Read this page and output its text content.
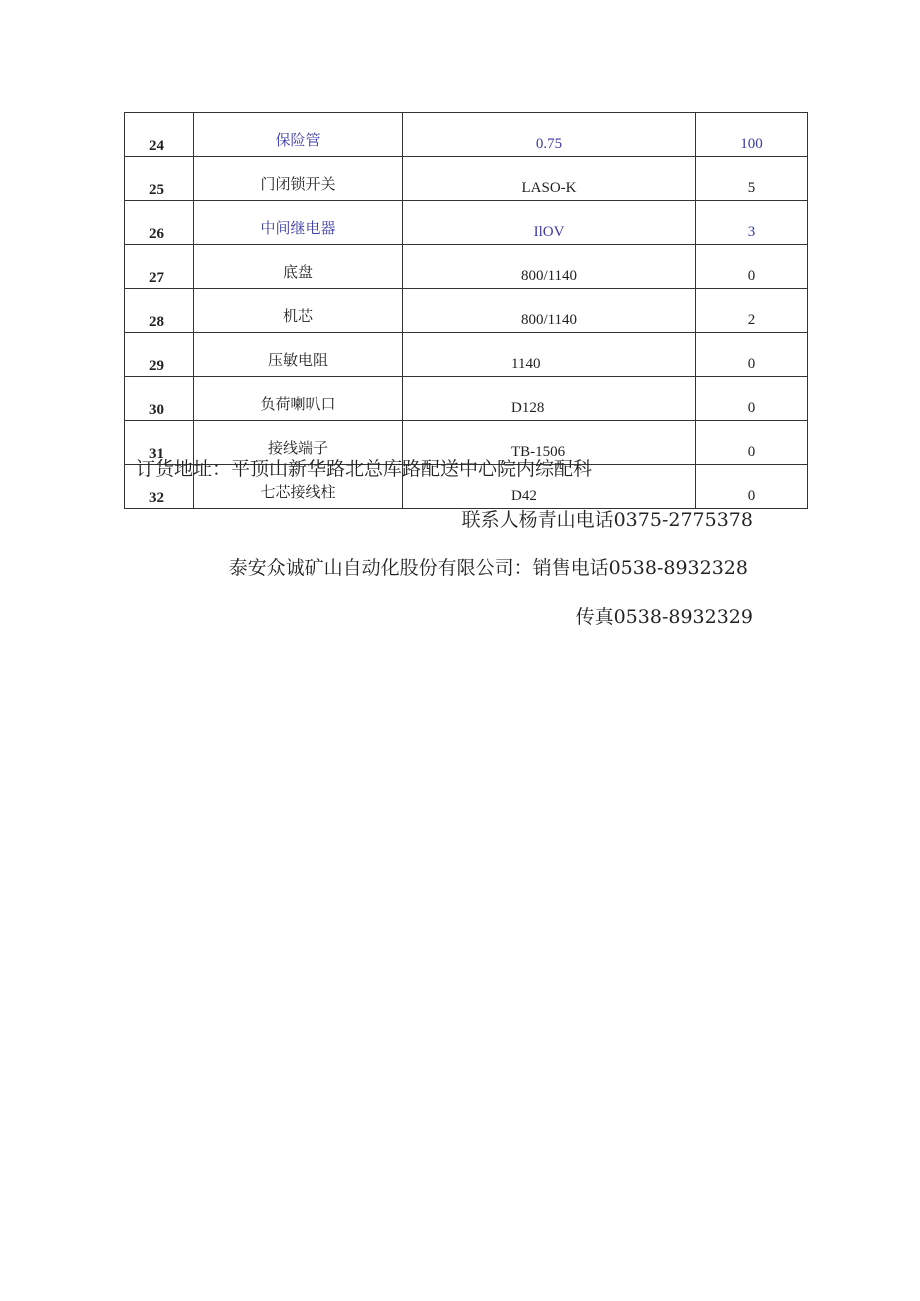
24	保险管	0.75	100
25	门闭锁开关	LASO-K	5
26	中间继电器	IlOV	3
27	底盘	800/1140	0
28	机芯	800/1140	2
29	压敏电阻	1140	0
30	负荷喇叭口	D128	0
31	接线端子	TB-1506	0
32	七芯接线柱	D42	0
订货地址：平顶山新华路北总库路配送中心院内综配科
联系人杨青山电话0375-2775378
泰安众诚矿山自动化股份有限公司：销售电话0538-8932328
传真0538-8932329
